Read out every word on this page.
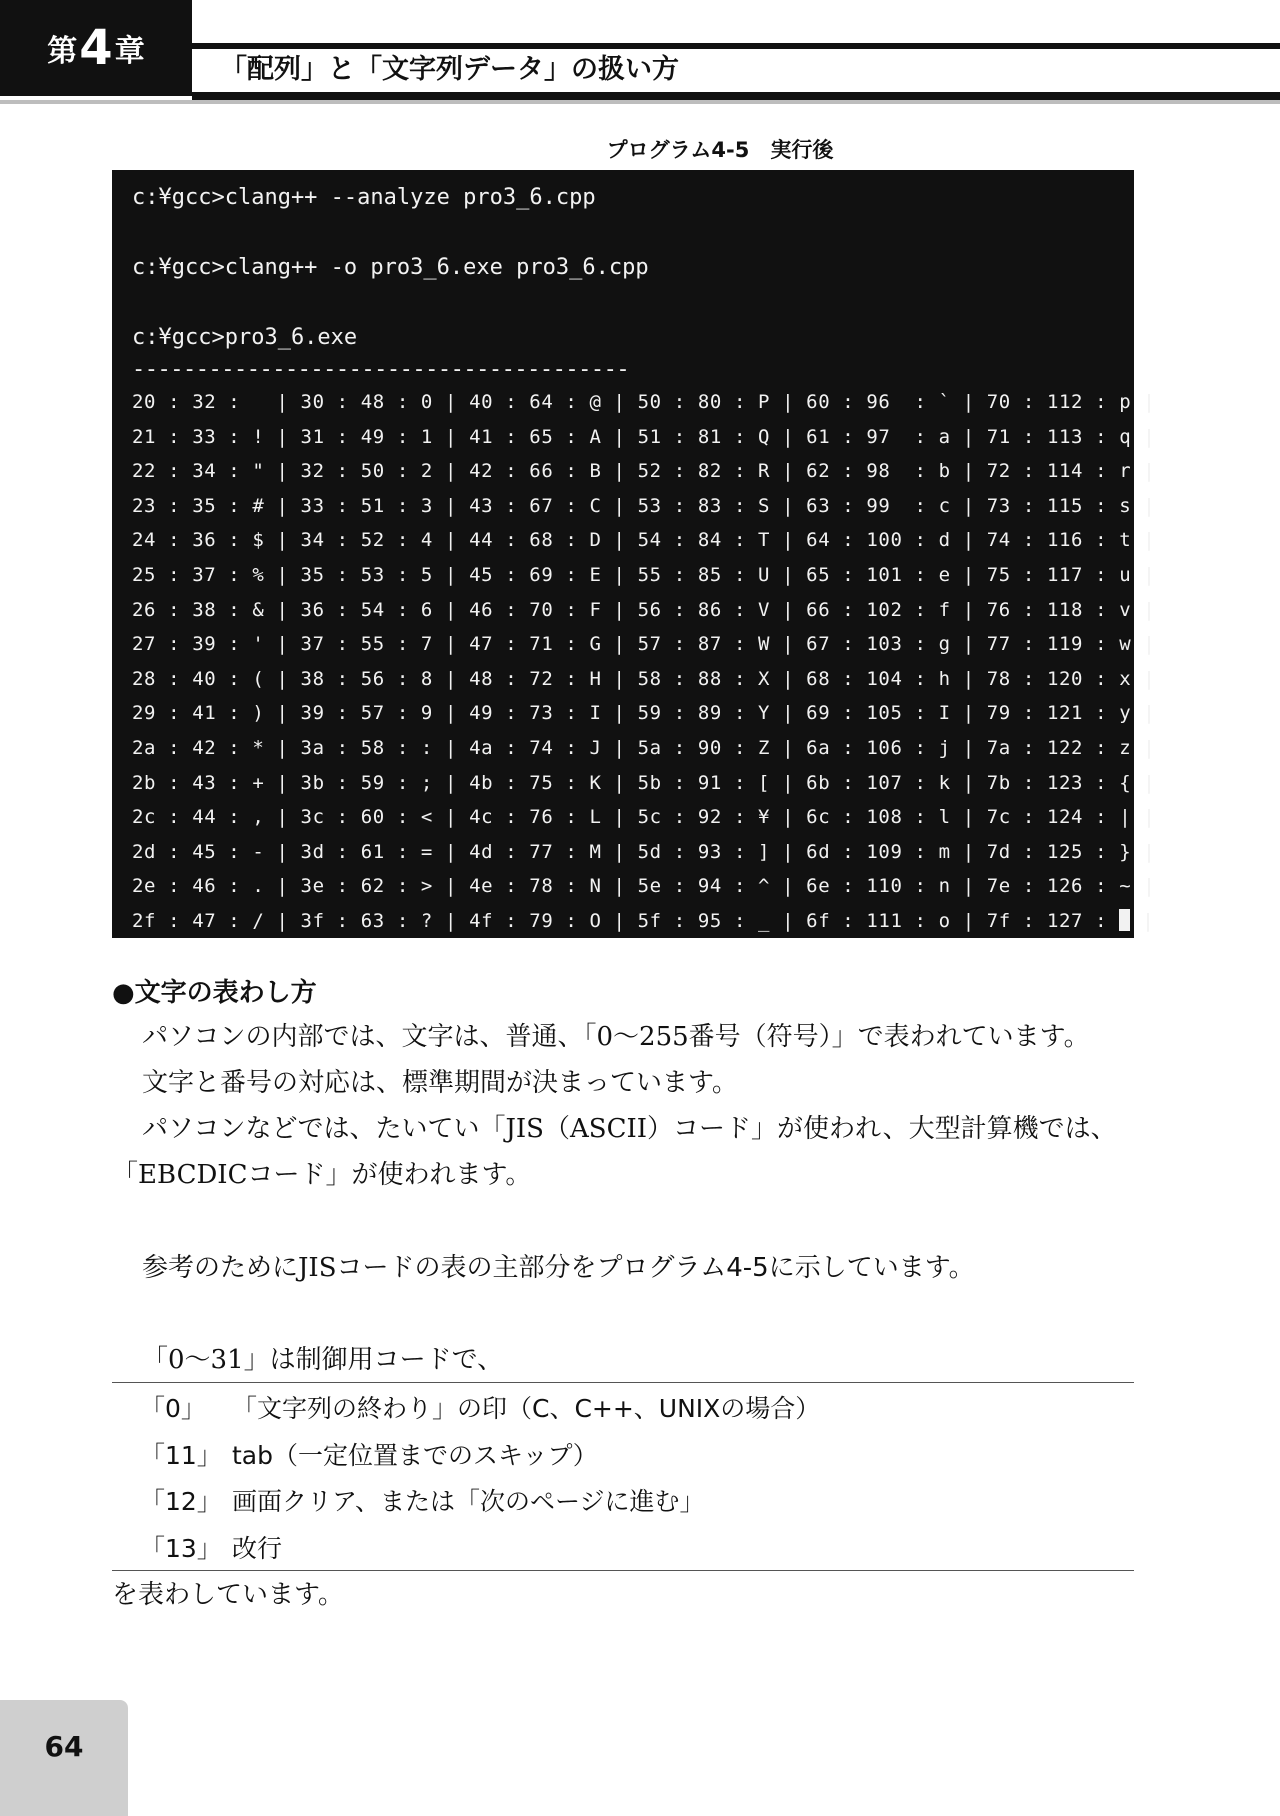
第 4 章
「配列」と「文字列データ」の扱い方
プログラム4-5　実行後
c:¥gcc>clang++ --analyze pro3_6.cpp
c:¥gcc>clang++ -o pro3_6.exe pro3_6.cpp
c:¥gcc>pro3_6.exe
---------------------------------------
20 : 32 :   | 30 : 48 : 0 | 40 : 64 : @ | 50 : 80 : P | 60 : 96  : ` | 70 : 112 : p |
21 : 33 : ! | 31 : 49 : 1 | 41 : 65 : A | 51 : 81 : Q | 61 : 97  : a | 71 : 113 : q |
22 : 34 : " | 32 : 50 : 2 | 42 : 66 : B | 52 : 82 : R | 62 : 98  : b | 72 : 114 : r |
23 : 35 : # | 33 : 51 : 3 | 43 : 67 : C | 53 : 83 : S | 63 : 99  : c | 73 : 115 : s |
24 : 36 : $ | 34 : 52 : 4 | 44 : 68 : D | 54 : 84 : T | 64 : 100 : d | 74 : 116 : t |
25 : 37 : % | 35 : 53 : 5 | 45 : 69 : E | 55 : 85 : U | 65 : 101 : e | 75 : 117 : u |
26 : 38 : & | 36 : 54 : 6 | 46 : 70 : F | 56 : 86 : V | 66 : 102 : f | 76 : 118 : v |
27 : 39 : ' | 37 : 55 : 7 | 47 : 71 : G | 57 : 87 : W | 67 : 103 : g | 77 : 119 : w |
28 : 40 : ( | 38 : 56 : 8 | 48 : 72 : H | 58 : 88 : X | 68 : 104 : h | 78 : 120 : x |
29 : 41 : ) | 39 : 57 : 9 | 49 : 73 : I | 59 : 89 : Y | 69 : 105 : I | 79 : 121 : y |
2a : 42 : * | 3a : 58 : : | 4a : 74 : J | 5a : 90 : Z | 6a : 106 : j | 7a : 122 : z |
2b : 43 : + | 3b : 59 : ; | 4b : 75 : K | 5b : 91 : [ | 6b : 107 : k | 7b : 123 : { |
2c : 44 : , | 3c : 60 : < | 4c : 76 : L | 5c : 92 : ¥ | 6c : 108 : l | 7c : 124 : | |
2d : 45 : - | 3d : 61 : = | 4d : 77 : M | 5d : 93 : ] | 6d : 109 : m | 7d : 125 : } |
2e : 46 : . | 3e : 62 : > | 4e : 78 : N | 5e : 94 : ^ | 6e : 110 : n | 7e : 126 : ~ |
2f : 47 : / | 3f : 63 : ? | 4f : 79 : O | 5f : 95 : _ | 6f : 111 : o | 7f : 127 :  |
●文字の表わし方
パソコンの内部では、文字は、普通、「0〜255番号（符号）」で表われています。
文字と番号の対応は、標準期間が決まっています。
パソコンなどでは、たいてい「JIS（ASCII）コード」が使われ、大型計算機では、
「EBCDICコード」が使われます。
参考のためにJISコードの表の主部分をプログラム4-5に示しています。
「0〜31」は制御用コードで、
「0」 「文字列の終わり」の印（C、C++、UNIXの場合）
「11」 tab（一定位置までのスキップ）
「12」 画面クリア、または「次のページに進む」
「13」 改行
を表わしています。
64
